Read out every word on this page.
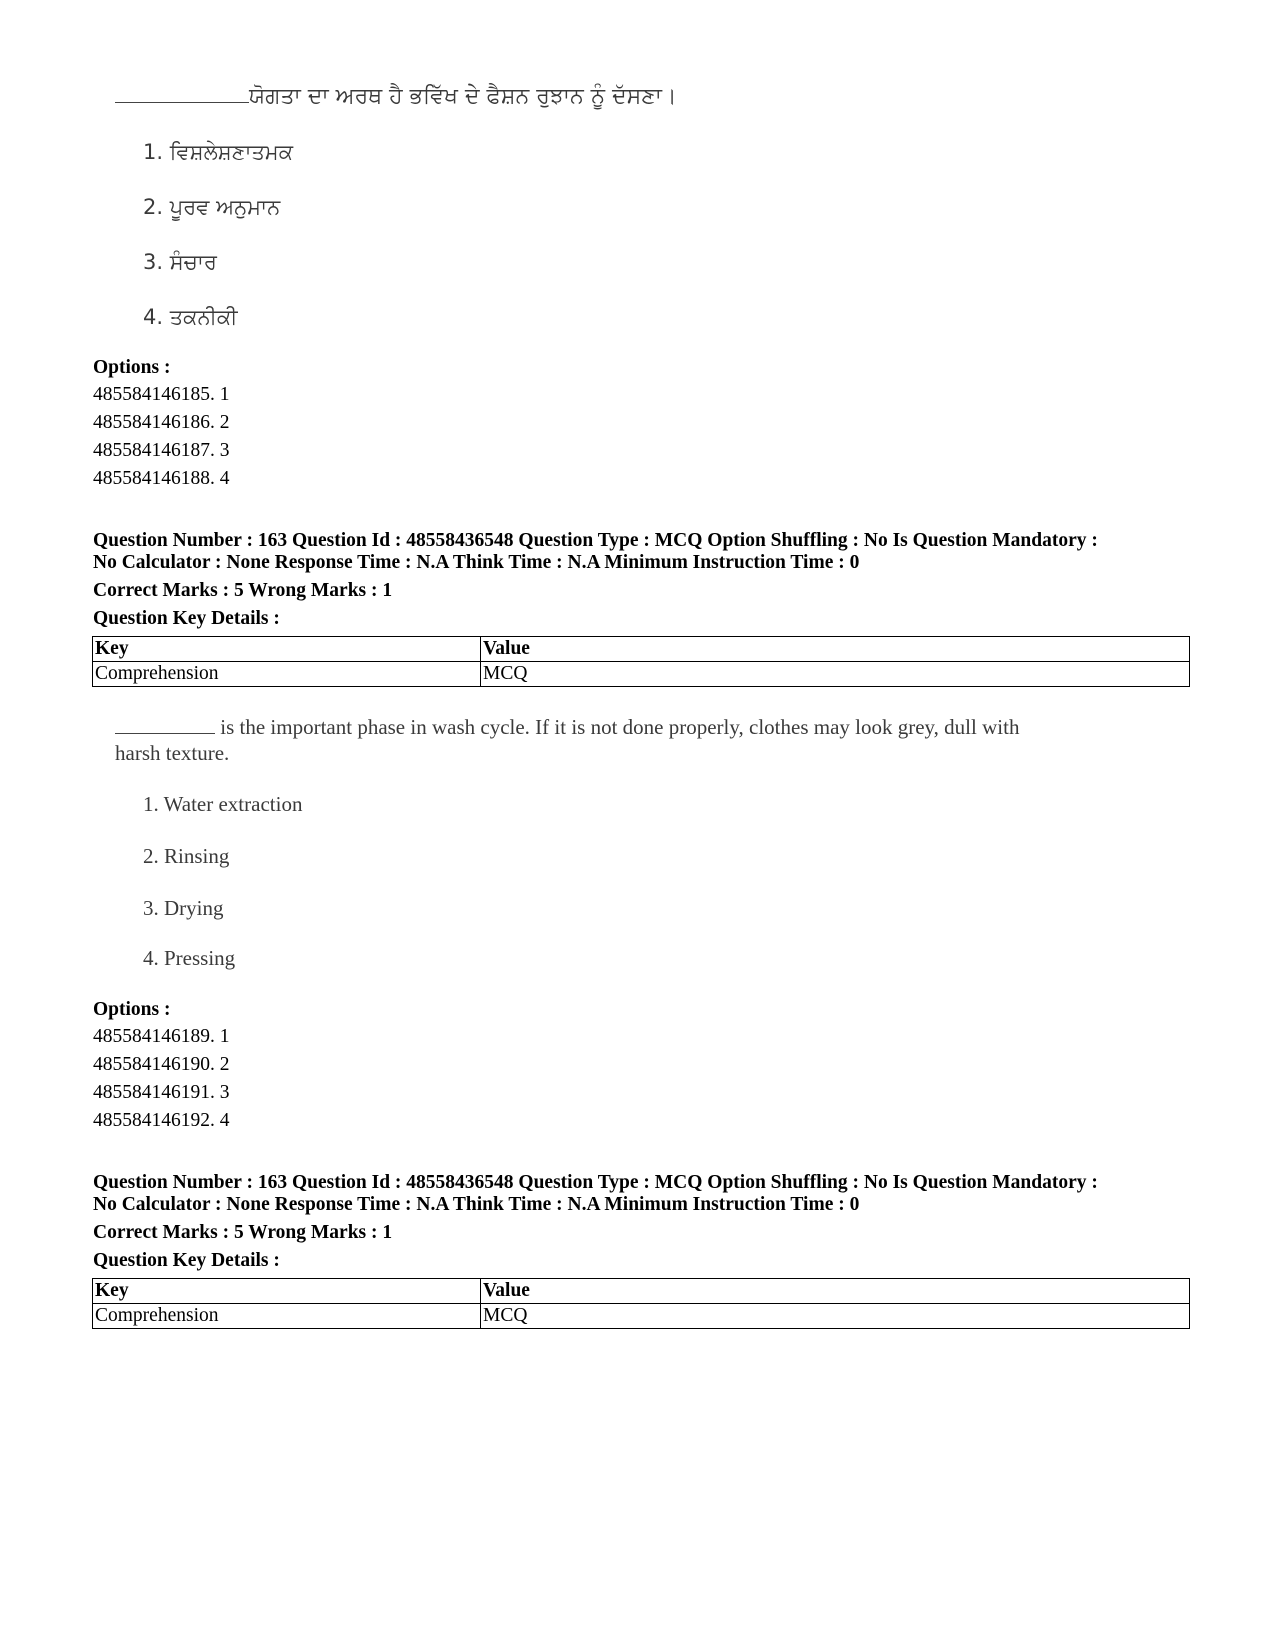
ਯੋਗਤਾ ਦਾ ਅਰਥ ਹੈ ਭਵਿੱਖ ਦੇ ਫੈਸ਼ਨ ਰੁਝਾਨ ਨੂੰ ਦੱਸਣਾ।
1. ਵਿਸ਼ਲੇਸ਼ਣਾਤਮਕ
2. ਪੂਰਵ ਅਨੁਮਾਨ
3. ਸੰਚਾਰ
4. ਤਕਨੀਕੀ
Options :
485584146185. 1
485584146186. 2
485584146187. 3
485584146188. 4
Question Number : 163 Question Id : 48558436548 Question Type : MCQ Option Shuffling : No Is Question Mandatory :
No Calculator : None Response Time : N.A Think Time : N.A Minimum Instruction Time : 0
Correct Marks : 5 Wrong Marks : 1
Question Key Details :
Key	Value
Comprehension	MCQ
is the important phase in wash cycle. If it is not done properly, clothes may look grey, dull with
harsh texture.
1. Water extraction
2. Rinsing
3. Drying
4. Pressing
Options :
485584146189. 1
485584146190. 2
485584146191. 3
485584146192. 4
Question Number : 163 Question Id : 48558436548 Question Type : MCQ Option Shuffling : No Is Question Mandatory :
No Calculator : None Response Time : N.A Think Time : N.A Minimum Instruction Time : 0
Correct Marks : 5 Wrong Marks : 1
Question Key Details :
Key	Value
Comprehension	MCQ
